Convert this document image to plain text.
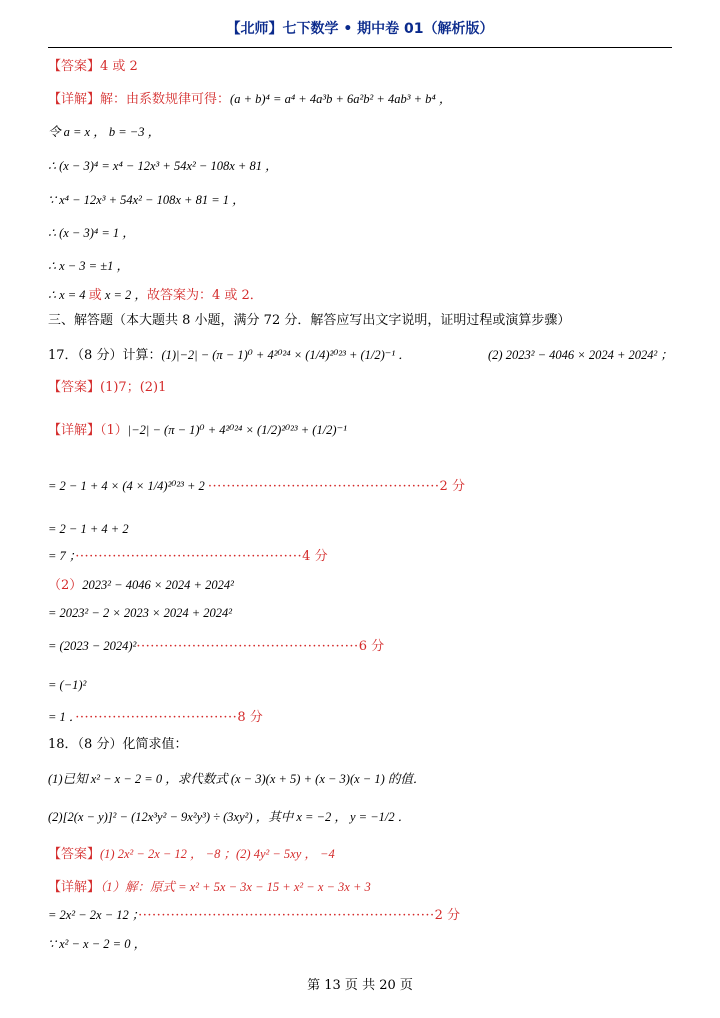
【北师】七下数学 • 期中卷 01（解析版）
【答案】4 或 2
【详解】解：由系数规律可得：(a + b)⁴ = a⁴ + 4a³b + 6a²b² + 4ab³ + b⁴ ，
令 a = x ， b = −3 ，
∴ (x − 3)⁴ = x⁴ − 12x³ + 54x² − 108x + 81 ，
∵ x⁴ − 12x³ + 54x² − 108x + 81 = 1 ，
∴ (x − 3)⁴ = 1 ，
∴ x − 3 = ±1 ，
∴ x = 4 或 x = 2 ，故答案为：4 或 2．
三、解答题（本大题共 8 小题，满分 72 分．解答应写出文字说明，证明过程或演算步骤）
17．（8 分）计算：(1)|−2| − (π − 1)⁰ + 4²⁰²⁴ × (1/4)²⁰²³ + (1/2)⁻¹ ．	(2) 2023² − 4046 × 2024 + 2024² ；
【答案】(1)7；(2)1
【详解】（1）|−2| − (π − 1)⁰ + 4²⁰²⁴ × (1/2)²⁰²³ + (1/2)⁻¹
= 2 − 1 + 4 × (4 × 1/4)²⁰²³ + 2 ··················································2 分
= 2 − 1 + 4 + 2
= 7 ；·················································4 分
（2）2023² − 4046 × 2024 + 2024²
= 2023² − 2 × 2023 × 2024 + 2024²
= (2023 − 2024)²················································6 分
= (−1)²
= 1 ．···································8 分
18．（8 分）化简求值：
(1)已知 x² − x − 2 = 0 ，求代数式 (x − 3)(x + 5) + (x − 3)(x − 1) 的值．
(2)[2(x − y)]² − (12x³y² − 9x²y³) ÷ (3xy²) ，其中 x = −2 ， y = −1/2 ．
【答案】(1) 2x² − 2x − 12 ， −8 ；(2) 4y² − 5xy ， −4
【详解】（1）解：原式 = x² + 5x − 3x − 15 + x² − x − 3x + 3
= 2x² − 2x − 12 ；································································2 分
∵ x² − x − 2 = 0 ，
第 13 页 共 20 页
